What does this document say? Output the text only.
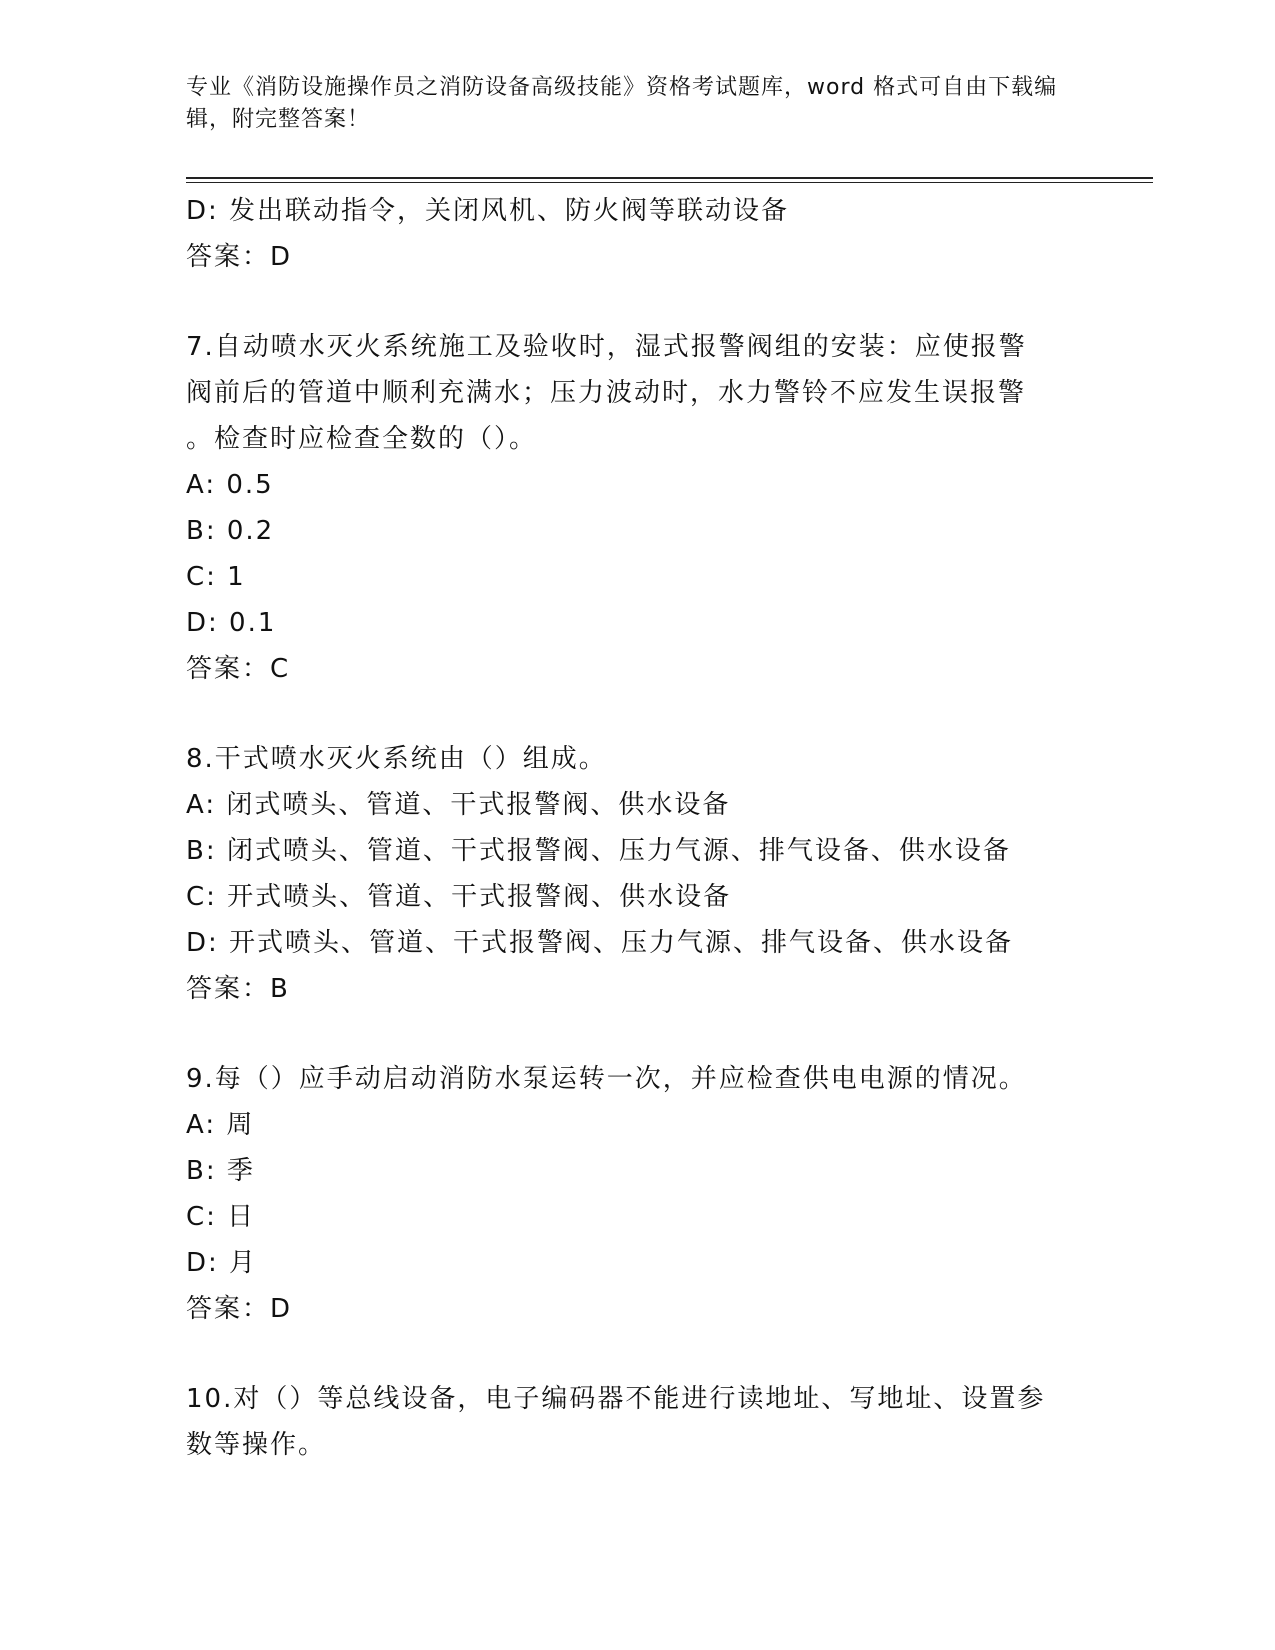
专业《消防设施操作员之消防设备高级技能》资格考试题库，word 格式可自由下载编辑，附完整答案！
D: 发出联动指令，关闭风机、防火阀等联动设备
答案：D
7.自动喷水灭火系统施工及验收时，湿式报警阀组的安装：应使报警
阀前后的管道中顺利充满水；压力波动时，水力警铃不应发生误报警
。检查时应检查全数的（）。
A: 0.5
B: 0.2
C: 1
D: 0.1
答案：C
8.干式喷水灭火系统由（）组成。
A: 闭式喷头、管道、干式报警阀、供水设备
B: 闭式喷头、管道、干式报警阀、压力气源、排气设备、供水设备
C: 开式喷头、管道、干式报警阀、供水设备
D: 开式喷头、管道、干式报警阀、压力气源、排气设备、供水设备
答案：B
9.每（）应手动启动消防水泵运转一次，并应检查供电电源的情况。
A: 周
B: 季
C: 日
D: 月
答案：D
10.对（）等总线设备，电子编码器不能进行读地址、写地址、设置参
数等操作。
